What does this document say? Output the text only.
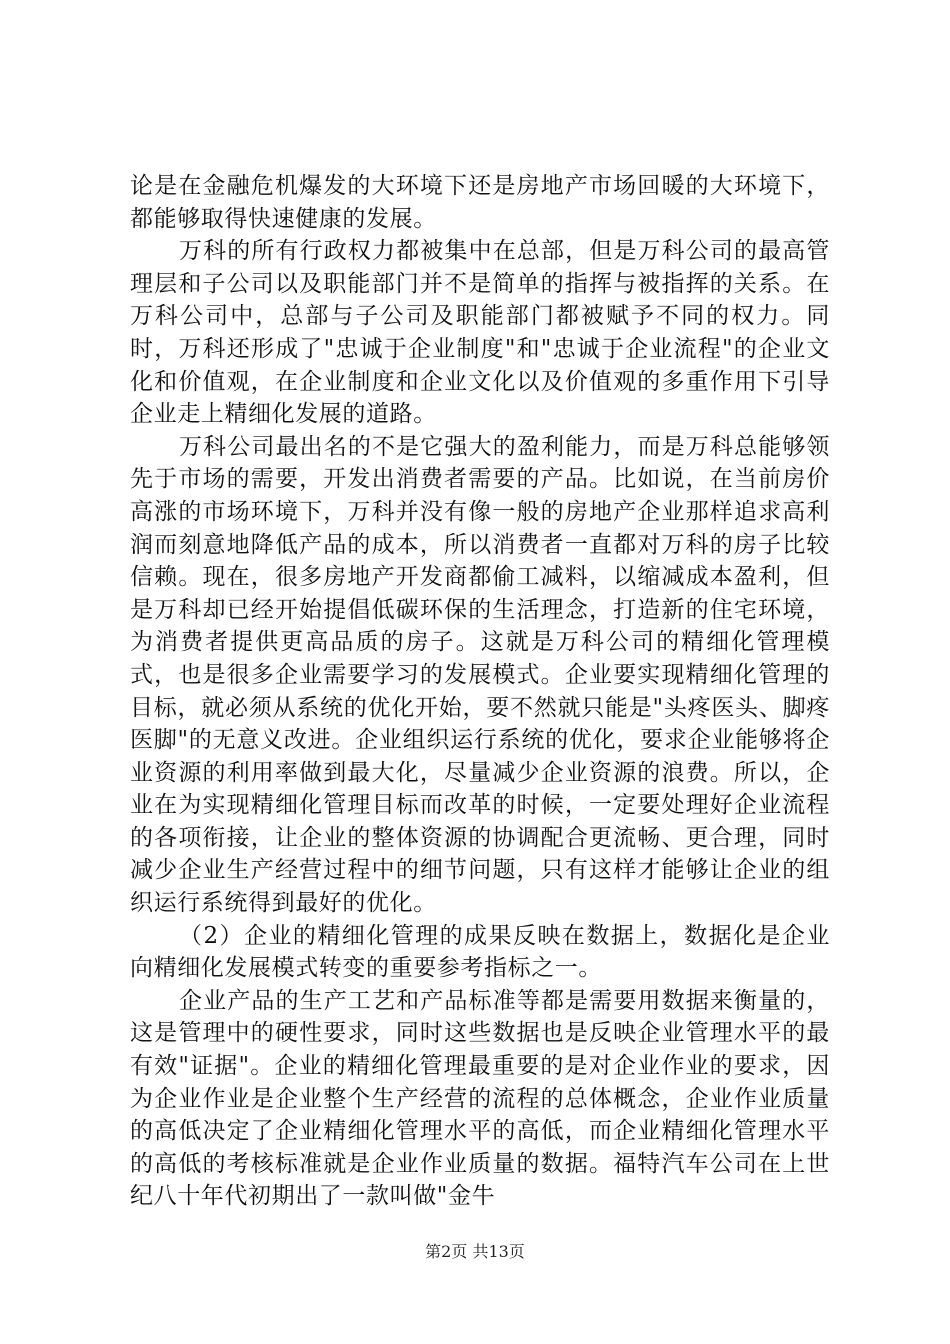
论是在金融危机爆发的大环境下还是房地产市场回暖的大环境下，都能够取得快速健康的发展。

万科的所有行政权力都被集中在总部，但是万科公司的最高管理层和子公司以及职能部门并不是简单的指挥与被指挥的关系。在万科公司中，总部与子公司及职能部门都被赋予不同的权力。同时，万科还形成了"忠诚于企业制度"和"忠诚于企业流程"的企业文化和价值观，在企业制度和企业文化以及价值观的多重作用下引导企业走上精细化发展的道路。

万科公司最出名的不是它强大的盈利能力，而是万科总能够领先于市场的需要，开发出消费者需要的产品。比如说，在当前房价高涨的市场环境下，万科并没有像一般的房地产企业那样追求高利润而刻意地降低产品的成本，所以消费者一直都对万科的房子比较信赖。现在，很多房地产开发商都偷工减料，以缩减成本盈利，但是万科却已经开始提倡低碳环保的生活理念，打造新的住宅环境，为消费者提供更高品质的房子。这就是万科公司的精细化管理模式，也是很多企业需要学习的发展模式。企业要实现精细化管理的目标，就必须从系统的优化开始，要不然就只能是"头疼医头、脚疼医脚"的无意义改进。企业组织运行系统的优化，要求企业能够将企业资源的利用率做到最大化，尽量减少企业资源的浪费。所以，企业在为实现精细化管理目标而改革的时候，一定要处理好企业流程的各项衔接，让企业的整体资源的协调配合更流畅、更合理，同时减少企业生产经营过程中的细节问题，只有这样才能够让企业的组织运行系统得到最好的优化。

（2）企业的精细化管理的成果反映在数据上，数据化是企业向精细化发展模式转变的重要参考指标之一。

企业产品的生产工艺和产品标准等都是需要用数据来衡量的，这是管理中的硬性要求，同时这些数据也是反映企业管理水平的最有效"证据"。企业的精细化管理最重要的是对企业作业的要求，因为企业作业是企业整个生产经营的流程的总体概念，企业作业质量的高低决定了企业精细化管理水平的高低，而企业精细化管理水平的高低的考核标准就是企业作业质量的数据。福特汽车公司在上世纪八十年代初期出了一款叫做"金牛

第2页 共13页
